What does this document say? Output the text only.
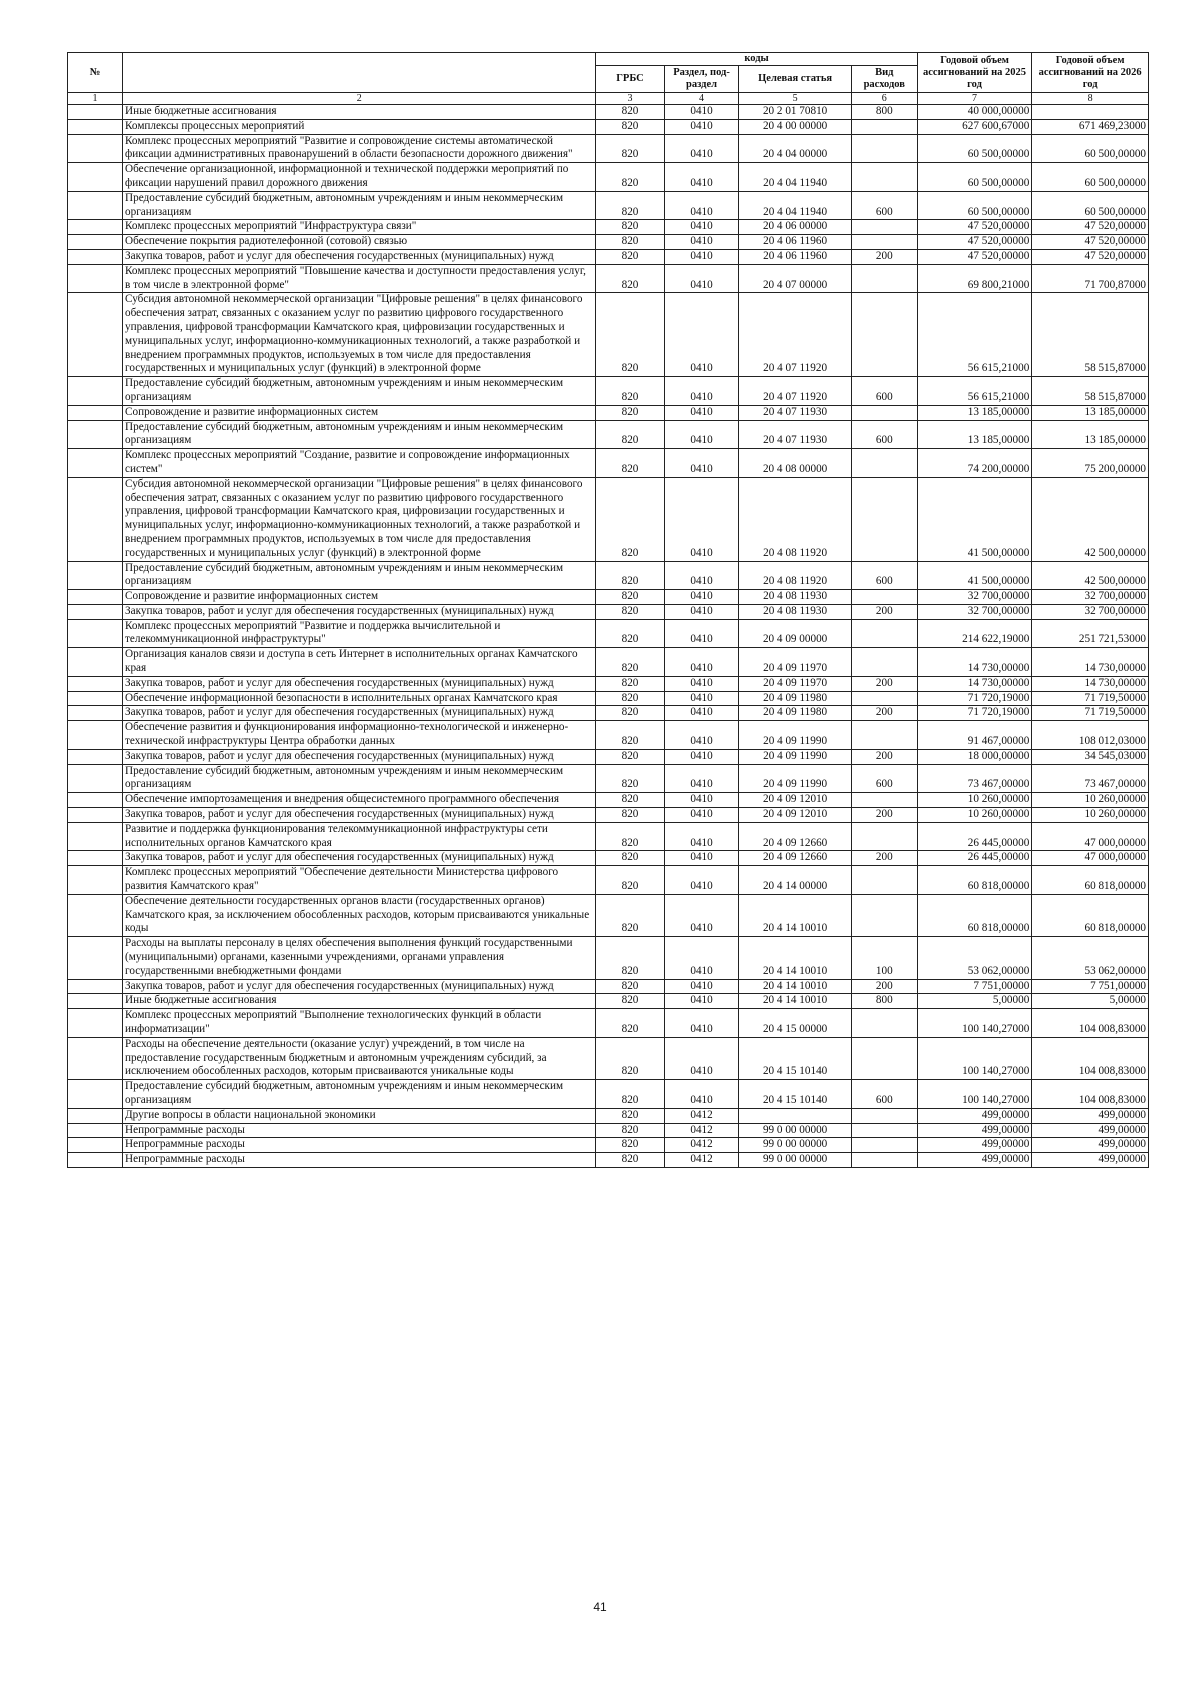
№		коды				Годовой объем ассигнований на 2025 год	Годовой объем ассигнований на 2026 год
		ГРБС	Раздел, под-раздел	Целевая статья	Вид расходов		
1	2	3	4	5	6	7	8
	Иные бюджетные ассигнования	820	0410	20 2 01 70810	800	40 000,00000	
	Комплексы процессных мероприятий	820	0410	20 4 00 00000		627 600,67000	671 469,23000
	Комплекс процессных мероприятий "Развитие и сопровождение системы автоматической фиксации административных правонарушений в области безопасности дорожного движения"	820	0410	20 4 04 00000		60 500,00000	60 500,00000
	Обеспечение организационной, информационной и технической поддержки мероприятий по фиксации нарушений правил дорожного движения	820	0410	20 4 04 11940		60 500,00000	60 500,00000
	Предоставление субсидий бюджетным, автономным учреждениям и иным некоммерческим организациям	820	0410	20 4 04 11940	600	60 500,00000	60 500,00000
	Комплекс процессных мероприятий "Инфраструктура связи"	820	0410	20 4 06 00000		47 520,00000	47 520,00000
	Обеспечение покрытия радиотелефонной (сотовой) связью	820	0410	20 4 06 11960		47 520,00000	47 520,00000
	Закупка товаров, работ и услуг для обеспечения государственных (муниципальных) нужд	820	0410	20 4 06 11960	200	47 520,00000	47 520,00000
	Комплекс процессных мероприятий "Повышение качества и доступности предоставления услуг, в том числе в электронной форме"	820	0410	20 4 07 00000		69 800,21000	71 700,87000
	Субсидия автономной некоммерческой организации "Цифровые решения" в целях финансового обеспечения затрат, связанных с оказанием услуг по развитию цифрового государственного управления, цифровой трансформации Камчатского края, цифровизации государственных и муниципальных услуг, информационно-коммуникационных технологий, а также разработкой и внедрением программных продуктов, используемых в том числе для предоставления государственных и муниципальных услуг (функций) в электронной форме	820	0410	20 4 07 11920		56 615,21000	58 515,87000
	Предоставление субсидий бюджетным, автономным учреждениям и иным некоммерческим организациям	820	0410	20 4 07 11920	600	56 615,21000	58 515,87000
	Сопровождение и развитие информационных систем	820	0410	20 4 07 11930		13 185,00000	13 185,00000
	Предоставление субсидий бюджетным, автономным учреждениям и иным некоммерческим организациям	820	0410	20 4 07 11930	600	13 185,00000	13 185,00000
	Комплекс процессных мероприятий "Создание, развитие и сопровождение информационных систем"	820	0410	20 4 08 00000		74 200,00000	75 200,00000
	Субсидия автономной некоммерческой организации "Цифровые решения" в целях финансового обеспечения затрат, связанных с оказанием услуг по развитию цифрового государственного управления, цифровой трансформации Камчатского края, цифровизации государственных и муниципальных услуг, информационно-коммуникационных технологий, а также разработкой и внедрением программных продуктов, используемых в том числе для предоставления государственных и муниципальных услуг (функций) в электронной форме	820	0410	20 4 08 11920		41 500,00000	42 500,00000
	Предоставление субсидий бюджетным, автономным учреждениям и иным некоммерческим организациям	820	0410	20 4 08 11920	600	41 500,00000	42 500,00000
	Сопровождение и развитие информационных систем	820	0410	20 4 08 11930		32 700,00000	32 700,00000
	Закупка товаров, работ и услуг для обеспечения государственных (муниципальных) нужд	820	0410	20 4 08 11930	200	32 700,00000	32 700,00000
	Комплекс процессных мероприятий "Развитие и поддержка вычислительной и телекоммуникационной инфраструктуры"	820	0410	20 4 09 00000		214 622,19000	251 721,53000
	Организация каналов связи и доступа в сеть Интернет в исполнительных органах Камчатского края	820	0410	20 4 09 11970		14 730,00000	14 730,00000
	Закупка товаров, работ и услуг для обеспечения государственных (муниципальных) нужд	820	0410	20 4 09 11970	200	14 730,00000	14 730,00000
	Обеспечение информационной безопасности в исполнительных органах Камчатского края	820	0410	20 4 09 11980		71 720,19000	71 719,50000
	Закупка товаров, работ и услуг для обеспечения государственных (муниципальных) нужд	820	0410	20 4 09 11980	200	71 720,19000	71 719,50000
	Обеспечение развития и функционирования информационно-технологической и инженерно-технической инфраструктуры Центра обработки данных	820	0410	20 4 09 11990		91 467,00000	108 012,03000
	Закупка товаров, работ и услуг для обеспечения государственных (муниципальных) нужд	820	0410	20 4 09 11990	200	18 000,00000	34 545,03000
	Предоставление субсидий бюджетным, автономным учреждениям и иным некоммерческим организациям	820	0410	20 4 09 11990	600	73 467,00000	73 467,00000
	Обеспечение импортозамещения и внедрения общесистемного программного обеспечения	820	0410	20 4 09 12010		10 260,00000	10 260,00000
	Закупка товаров, работ и услуг для обеспечения государственных (муниципальных) нужд	820	0410	20 4 09 12010	200	10 260,00000	10 260,00000
	Развитие и поддержка функционирования телекоммуникационной инфраструктуры сети исполнительных органов Камчатского края	820	0410	20 4 09 12660		26 445,00000	47 000,00000
	Закупка товаров, работ и услуг для обеспечения государственных (муниципальных) нужд	820	0410	20 4 09 12660	200	26 445,00000	47 000,00000
	Комплекс процессных мероприятий "Обеспечение деятельности Министерства цифрового развития Камчатского края"	820	0410	20 4 14 00000		60 818,00000	60 818,00000
	Обеспечение деятельности государственных органов власти (государственных органов) Камчатского края, за исключением обособленных расходов, которым присваиваются уникальные коды	820	0410	20 4 14 10010		60 818,00000	60 818,00000
	Расходы на выплаты персоналу в целях обеспечения выполнения функций государственными (муниципальными) органами, казенными учреждениями, органами управления государственными внебюджетными фондами	820	0410	20 4 14 10010	100	53 062,00000	53 062,00000
	Закупка товаров, работ и услуг для обеспечения государственных (муниципальных) нужд	820	0410	20 4 14 10010	200	7 751,00000	7 751,00000
	Иные бюджетные ассигнования	820	0410	20 4 14 10010	800	5,00000	5,00000
	Комплекс процессных мероприятий "Выполнение технологических функций в области информатизации"	820	0410	20 4 15 00000		100 140,27000	104 008,83000
	Расходы на обеспечение деятельности (оказание услуг) учреждений, в том числе на предоставление государственным бюджетным и автономным учреждениям субсидий, за исключением обособленных расходов, которым присваиваются уникальные коды	820	0410	20 4 15 10140		100 140,27000	104 008,83000
	Предоставление субсидий бюджетным, автономным учреждениям и иным некоммерческим организациям	820	0410	20 4 15 10140	600	100 140,27000	104 008,83000
	Другие вопросы в области национальной экономики	820	0412			499,00000	499,00000
	Непрограммные расходы	820	0412	99 0 00 00000		499,00000	499,00000
	Непрограммные расходы	820	0412	99 0 00 00000		499,00000	499,00000
	Непрограммные расходы	820	0412	99 0 00 00000		499,00000	499,00000
41
